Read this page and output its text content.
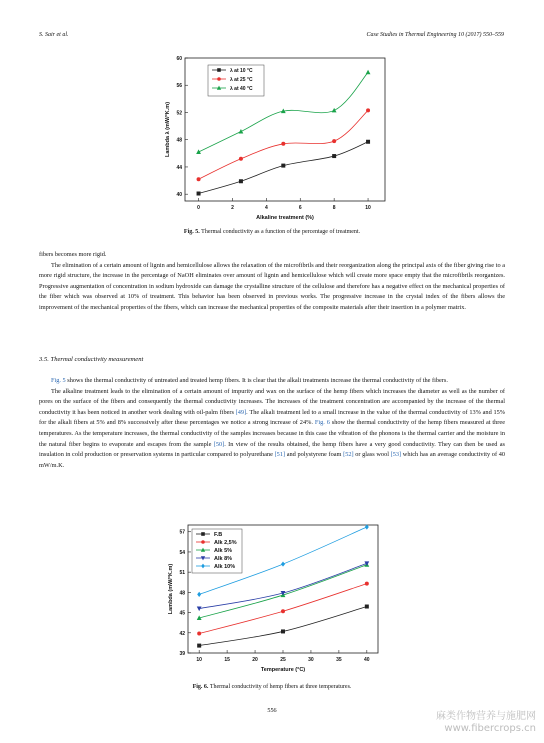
S. Sair et al.	Case Studies in Thermal Engineering 10 (2017) 550–559
0	2	4	6	8	10
40
44
48
52
56
60
Alkaline treatment (%)
Lambda λ (mW/°K.m)
λ at 10 °C
λ at 25 °C
λ at 40 °C
Fig. 5. Thermal conductivity as a function of the percentage of treatment.

fibers becomes more rigid.

The elimination of a certain amount of lignin and hemicellulose allows the relaxation of the microfibrils and their reorganization along the principal axis of the fiber giving rise to a more rigid structure, the increase in the percentage of NaOH eliminates over amount of lignin and hemicellulose which will create more space empty that the microfibrils reorganizes. Progressive augmentation of concentration in sodium hydroxide can damage the crystalline structure of the cellulose and therefore has a negative effect on the mechanical properties of the fiber which was observed at 10% of treatment. This behavior has been observed in previous works. The progressive increase in the crystal index of the fibers allows the improvement of the mechanical properties of the fibers, which can increase the mechanical properties of the composite materials after their insertion in a polymer matrix.

3.5. Thermal conductivity measurement

Fig. 5 shows the thermal conductivity of untreated and treated hemp fibers. It is clear that the alkali treatments increase the thermal conductivity of the fibers.

The alkaline treatment leads to the elimination of a certain amount of impurity and wax on the surface of the hemp fibers which increases the diameter as well as the number of pores on the surface of the fibers and consequently the thermal conductivity increases. The increases of the treatment concentration are accompanied by the increase of the thermal conductivity it has been noticed in another work dealing with oil-palm fibers [49]. The alkali treatment led to a small increase in the value of the thermal conductivity of 13% and 15% for the alkali fibers at 5% and 8% successively after these percentages we notice a strong increase of 24%. Fig. 6 show the thermal conductivity of the hemp fibers measured at three temperatures. As the temperature increases, the thermal conductivity of the samples increases because in this case the vibration of the phonons is the thermal carrier and the moisture in the natural fiber begins to evaporate and escapes from the sample [50]. In view of the results obtained, the hemp fibers have a very good conductivity. They can then be used as insulation in cold production or preservation systems in particular compared to polyurethane [51] and polystyrene foam [52] or glass wool [53] which has an average conductivity of 40 mW/m.K.

10	15	20	25	30	35	40
39
42
45
48
51
54
57
Temperature (°C)
Lambda (mW/°K.m)
F.B
Alk 2,5%
Alk 5%
Alk 8%
Alk 10%
Fig. 6. Thermal conductivity of hemp fibers at three temperatures.
556
麻类作物营养与施肥网
www.fibercrops.cn
